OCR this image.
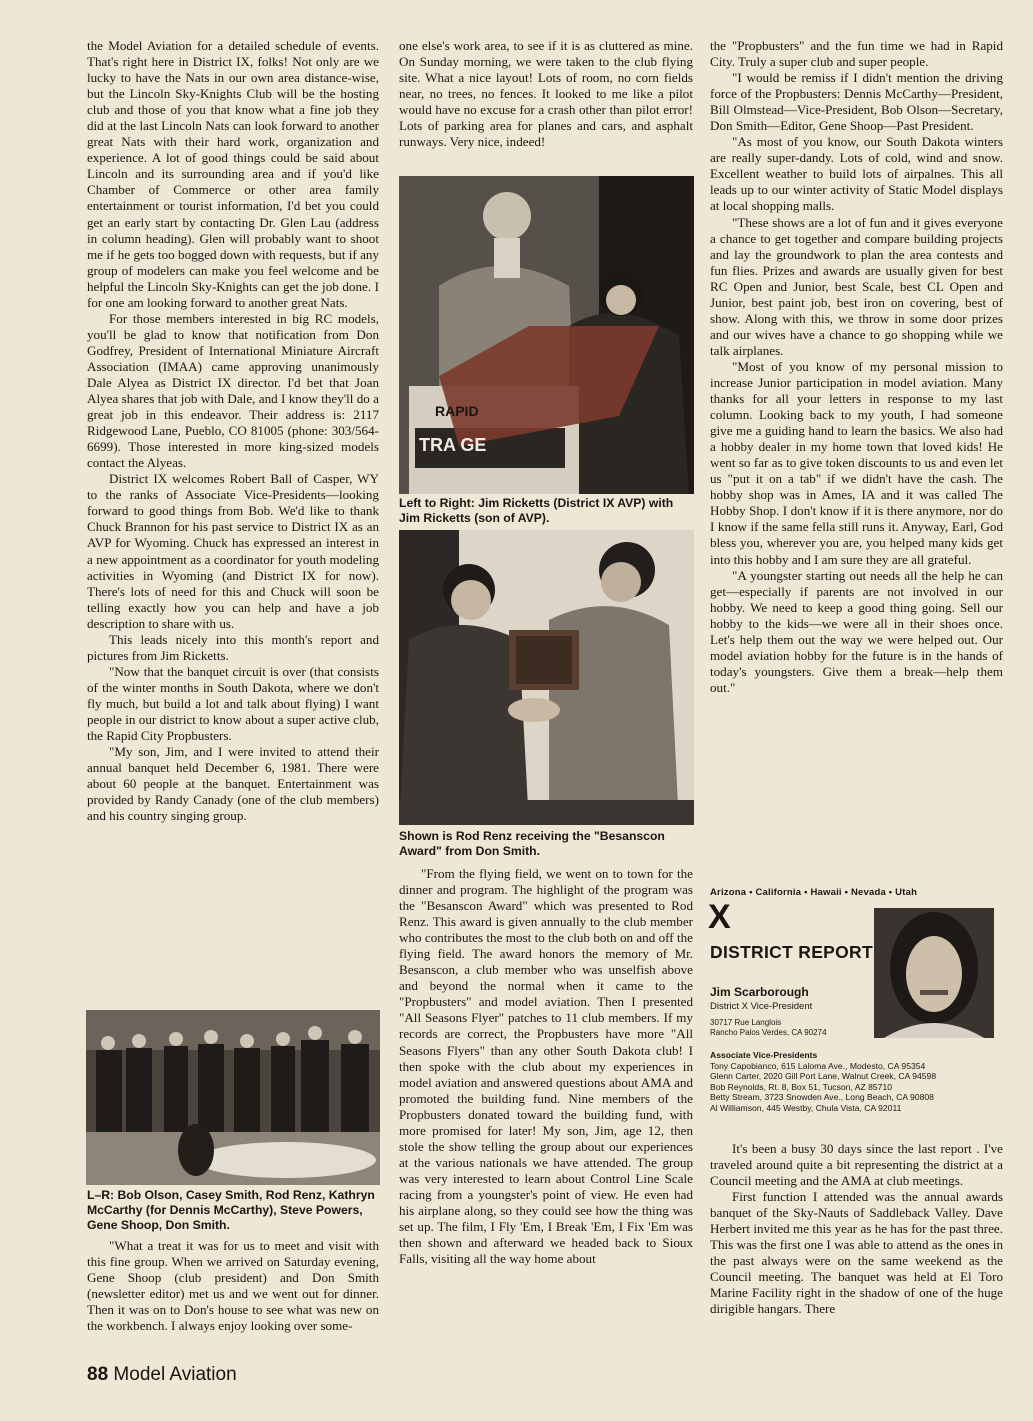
the Model Aviation for a detailed schedule of events. That's right here in District IX, folks! Not only are we lucky to have the Nats in our own area distance-wise, but the Lincoln Sky-Knights Club will be the hosting club and those of you that know what a fine job they did at the last Lincoln Nats can look forward to another great Nats with their hard work, organization and experience. A lot of good things could be said about Lincoln and its surrounding area and if you'd like Chamber of Commerce or other area family entertainment or tourist information, I'd bet you could get an early start by contacting Dr. Glen Lau (address in column heading). Glen will probably want to shoot me if he gets too bogged down with requests, but if any group of modelers can make you feel welcome and be helpful the Lincoln Sky-Knights can get the job done. I for one am looking forward to another great Nats.

For those members interested in big RC models, you'll be glad to know that notification from Don Godfrey, President of International Miniature Aircraft Association (IMAA) came approving unanimously Dale Alyea as District IX director. I'd bet that Joan Alyea shares that job with Dale, and I know they'll do a great job in this endeavor. Their address is: 2117 Ridgewood Lane, Pueblo, CO 81005 (phone: 303/564-6699). Those interested in more king-sized models contact the Alyeas.

District IX welcomes Robert Ball of Casper, WY to the ranks of Associate Vice-Presidents—looking forward to good things from Bob. We'd like to thank Chuck Brannon for his past service to District IX as an AVP for Wyoming. Chuck has expressed an interest in a new appointment as a coordinator for youth modeling activities in Wyoming (and District IX for now). There's lots of need for this and Chuck will soon be telling exactly how you can help and have a job description to share with us.

This leads nicely into this month's report and pictures from Jim Ricketts.

"Now that the banquet circuit is over (that consists of the winter months in South Dakota, where we don't fly much, but build a lot and talk about flying) I want people in our district to know about a super active club, the Rapid City Propbusters.

"My son, Jim, and I were invited to attend their annual banquet held December 6, 1981. There were about 60 people at the banquet. Entertainment was provided by Randy Canady (one of the club members) and his country singing group.

L–R: Bob Olson, Casey Smith, Rod Renz, Kathryn McCarthy (for Dennis McCarthy), Steve Powers, Gene Shoop, Don Smith.

"What a treat it was for us to meet and visit with this fine group. When we arrived on Saturday evening, Gene Shoop (club president) and Don Smith (newsletter editor) met us and we went out for dinner. Then it was on to Don's house to see what was new on the workbench. I always enjoy looking over some-

one else's work area, to see if it is as cluttered as mine. On Sunday morning, we were taken to the club flying site. What a nice layout! Lots of room, no corn fields near, no trees, no fences. It looked to me like a pilot would have no excuse for a crash other than pilot error! Lots of parking area for planes and cars, and asphalt runways. Very nice, indeed!

RAPID
TRA GE
Left to Right: Jim Ricketts (District IX AVP) with Jim Ricketts (son of AVP).
Shown is Rod Renz receiving the "Besanscon Award" from Don Smith.

"From the flying field, we went on to town for the dinner and program. The highlight of the program was the "Besanscon Award" which was presented to Rod Renz. This award is given annually to the club member who contributes the most to the club both on and off the flying field. The award honors the memory of Mr. Besanscon, a club member who was unselfish above and beyond the normal when it came to the "Propbusters" and model aviation. Then I presented "All Seasons Flyer" patches to 11 club members. If my records are correct, the Propbusters have more "All Seasons Flyers" than any other South Dakota club! I then spoke with the club about my experiences in model aviation and answered questions about AMA and promoted the building fund. Nine members of the Propbusters donated toward the building fund, with more promised for later! My son, Jim, age 12, then stole the show telling the group about our experiences at the various nationals we have attended. The group was very interested to learn about Control Line Scale racing from a youngster's point of view. He even had his airplane along, so they could see how the thing was set up. The film, I Fly 'Em, I Break 'Em, I Fix 'Em was then shown and afterward we headed back to Sioux Falls, visiting all the way home about

the "Propbusters" and the fun time we had in Rapid City. Truly a super club and super people.

"I would be remiss if I didn't mention the driving force of the Propbusters: Dennis McCarthy—President, Bill Olmstead—Vice-President, Bob Olson—Secretary, Don Smith—Editor, Gene Shoop—Past President.

"As most of you know, our South Dakota winters are really super-dandy. Lots of cold, wind and snow. Excellent weather to build lots of airpalnes. This all leads up to our winter activity of Static Model displays at local shopping malls.

"These shows are a lot of fun and it gives everyone a chance to get together and compare building projects and lay the groundwork to plan the area contests and fun flies. Prizes and awards are usually given for best RC Open and Junior, best Scale, best CL Open and Junior, best paint job, best iron on covering, best of show. Along with this, we throw in some door prizes and our wives have a chance to go shopping while we talk airplanes.

"Most of you know of my personal mission to increase Junior participation in model aviation. Many thanks for all your letters in response to my last column. Looking back to my youth, I had someone give me a guiding hand to learn the basics. We also had a hobby dealer in my home town that loved kids! He went so far as to give token discounts to us and even let us "put it on a tab" if we didn't have the cash. The hobby shop was in Ames, IA and it was called The Hobby Shop. I don't know if it is there anymore, nor do I know if the same fella still runs it. Anyway, Earl, God bless you, wherever you are, you helped many kids get into this hobby and I am sure they are all grateful.

"A youngster starting out needs all the help he can get—especially if parents are not involved in our hobby. We need to keep a good thing going. Sell our hobby to the kids—we were all in their shoes once. Let's help them out the way we were helped out. Our model aviation hobby for the future is in the hands of today's youngsters. Give them a break—help them out."

Arizona • California • Hawaii • Nevada • Utah
X
DISTRICT REPORT
Jim Scarborough
District X Vice-President
30717 Rue Langlois
Rancho Palos Verdes, CA 90274
Associate Vice-Presidents
Tony Capobianco, 615 Laloma Ave., Modesto, CA 95354
Glenn Carter, 2020 Gill Port Lane, Walnut Creek, CA 94598
Bob Reynolds, Rt. 8, Box 51, Tucson, AZ 85710
Betty Stream, 3723 Snowden Ave., Long Beach, CA 90808
Al Williamson, 445 Westby, Chula Vista, CA 92011

It's been a busy 30 days since the last report . I've traveled around quite a bit representing the district at a Council meeting and the AMA at club meetings.

First function I attended was the annual awards banquet of the Sky-Nauts of Saddleback Valley. Dave Herbert invited me this year as he has for the past three. This was the first one I was able to attend as the ones in the past always were on the same weekend as the Council meeting. The banquet was held at El Toro Marine Facility right in the shadow of one of the huge dirigible hangars. There

88 Model Aviation
